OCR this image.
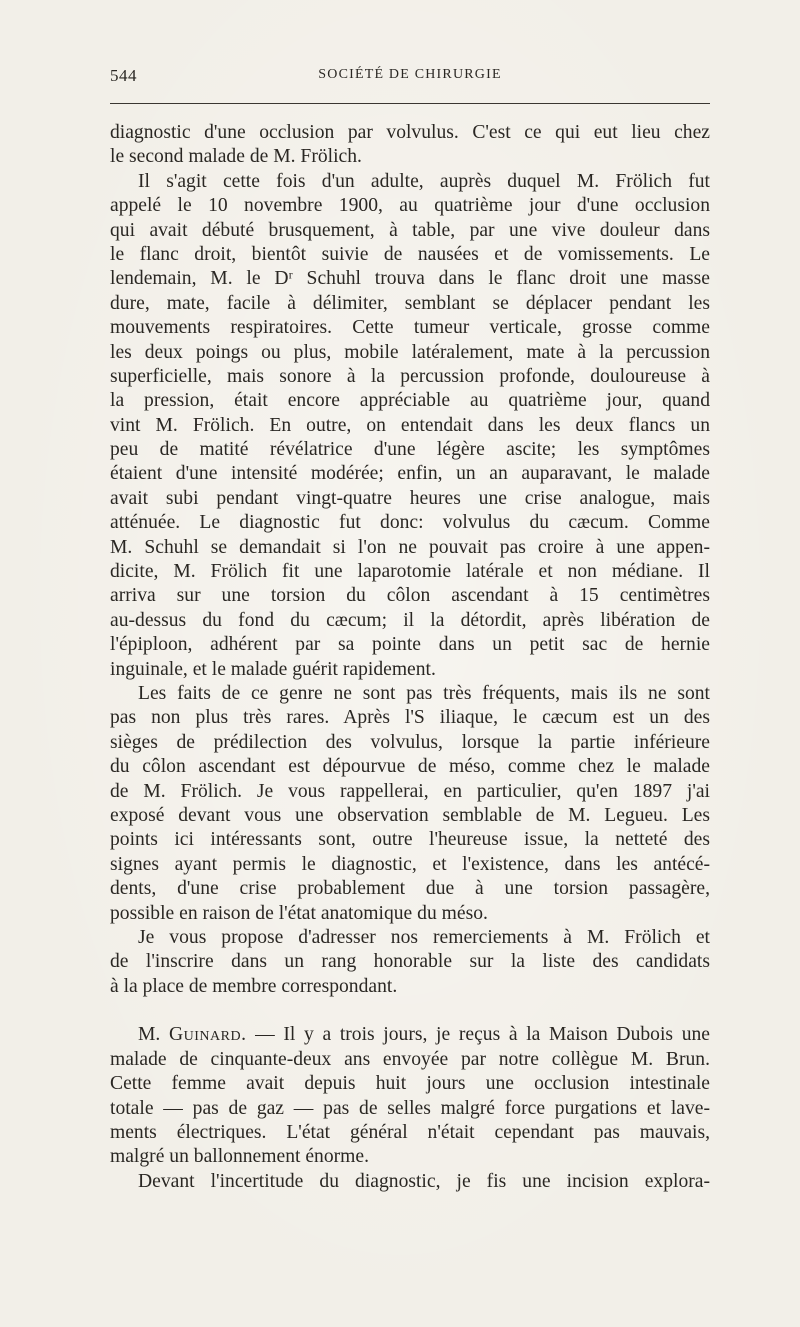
544	SOCIÉTÉ DE CHIRURGIE
diagnostic d'une occlusion par volvulus. C'est ce qui eut lieu chez
le second malade de M. Frölich.
Il s'agit cette fois d'un adulte, auprès duquel M. Frölich fut
appelé le 10 novembre 1900, au quatrième jour d'une occlusion
qui avait débuté brusquement, à table, par une vive douleur dans
le flanc droit, bientôt suivie de nausées et de vomissements. Le
lendemain, M. le Dʳ Schuhl trouva dans le flanc droit une masse
dure, mate, facile à délimiter, semblant se déplacer pendant les
mouvements respiratoires. Cette tumeur verticale, grosse comme
les deux poings ou plus, mobile latéralement, mate à la percussion
superficielle, mais sonore à la percussion profonde, douloureuse à
la pression, était encore appréciable au quatrième jour, quand
vint M. Frölich. En outre, on entendait dans les deux flancs un
peu de matité révélatrice d'une légère ascite; les symptômes
étaient d'une intensité modérée; enfin, un an auparavant, le malade
avait subi pendant vingt-quatre heures une crise analogue, mais
atténuée. Le diagnostic fut donc: volvulus du cæcum. Comme
M. Schuhl se demandait si l'on ne pouvait pas croire à une appen-
dicite, M. Frölich fit une laparotomie latérale et non médiane. Il
arriva sur une torsion du côlon ascendant à 15 centimètres
au-dessus du fond du cæcum; il la détordit, après libération de
l'épiploon, adhérent par sa pointe dans un petit sac de hernie
inguinale, et le malade guérit rapidement.
Les faits de ce genre ne sont pas très fréquents, mais ils ne sont
pas non plus très rares. Après l'S iliaque, le cæcum est un des
sièges de prédilection des volvulus, lorsque la partie inférieure
du côlon ascendant est dépourvue de méso, comme chez le malade
de M. Frölich. Je vous rappellerai, en particulier, qu'en 1897 j'ai
exposé devant vous une observation semblable de M. Legueu. Les
points ici intéressants sont, outre l'heureuse issue, la netteté des
signes ayant permis le diagnostic, et l'existence, dans les antécé-
dents, d'une crise probablement due à une torsion passagère,
possible en raison de l'état anatomique du méso.
Je vous propose d'adresser nos remerciements à M. Frölich et
de l'inscrire dans un rang honorable sur la liste des candidats
à la place de membre correspondant.
M. Guinard. — Il y a trois jours, je reçus à la Maison Dubois une
malade de cinquante-deux ans envoyée par notre collègue M. Brun.
Cette femme avait depuis huit jours une occlusion intestinale
totale — pas de gaz — pas de selles malgré force purgations et lave-
ments électriques. L'état général n'était cependant pas mauvais,
malgré un ballonnement énorme.
Devant l'incertitude du diagnostic, je fis une incision explora-
